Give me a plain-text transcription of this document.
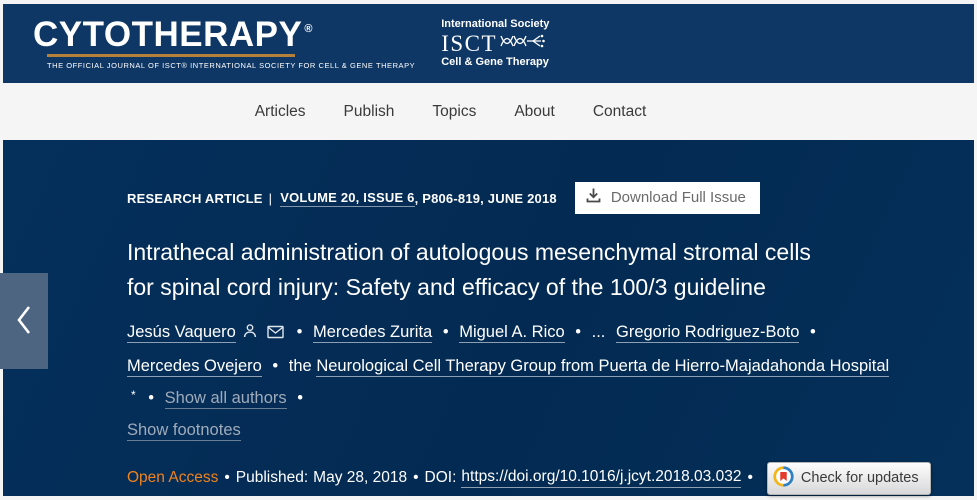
CYTOTHERAPY ®
THE OFFICIAL JOURNAL OF ISCT® INTERNATIONAL SOCIETY FOR CELL & GENE THERAPY
International Society
ISCT
Cell & Gene Therapy
Articles Publish Topics About Contact
RESEARCH ARTICLE | VOLUME 20, ISSUE 6 , P806-819, JUNE 2018	Download Full Issue
Intrathecal administration of autologous mesenchymal stromal cells for spinal cord injury: Safety and efficacy of the 100/3 guideline
Jesús Vaquero	• Mercedes Zurita • Miguel A. Rico • ... Gregorio Rodriguez-Boto • Mercedes Ovejero • the Neurological Cell Therapy Group from Puerta de Hierro-Majadahonda Hospital * • Show all authors •
Show footnotes
Open Access • Published: May 28, 2018 • DOI: https://doi.org/10.1016/j.jcyt.2018.03.032 •	Check for updates
